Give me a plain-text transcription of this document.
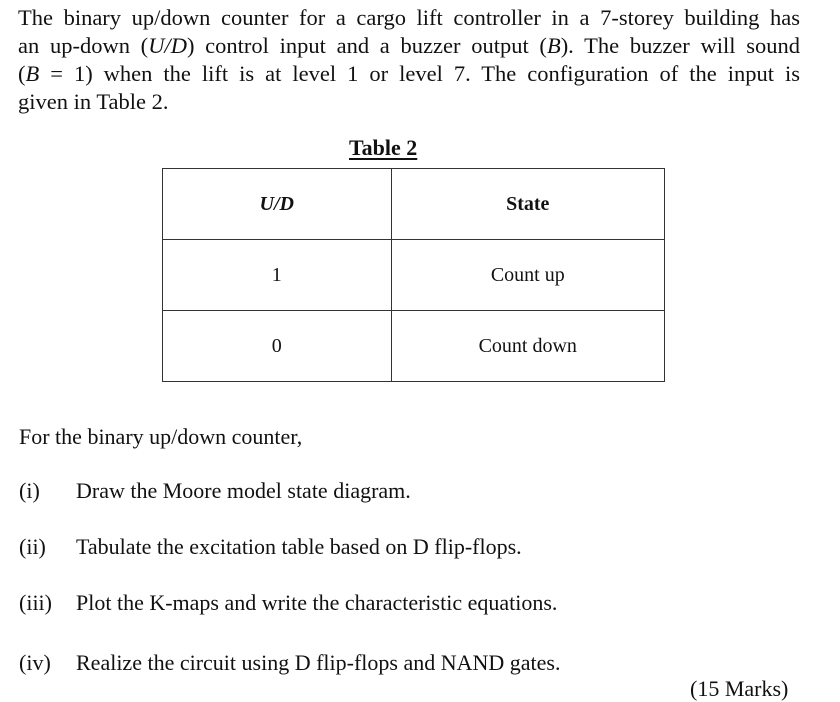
The binary up/down counter for a cargo lift controller in a 7-storey building has
an up-down (U/D) control input and a buzzer output (B). The buzzer will sound
(B = 1) when the lift is at level 1 or level 7. The configuration of the input is
given in Table 2.

Table 2

U/D	State
1	Count up
0	Count down

For the binary up/down counter,

(i) Draw the Moore model state diagram.

(ii) Tabulate the excitation table based on D flip-flops.

(iii) Plot the K-maps and write the characteristic equations.

(iv) Realize the circuit using D flip-flops and NAND gates.

(15 Marks)
